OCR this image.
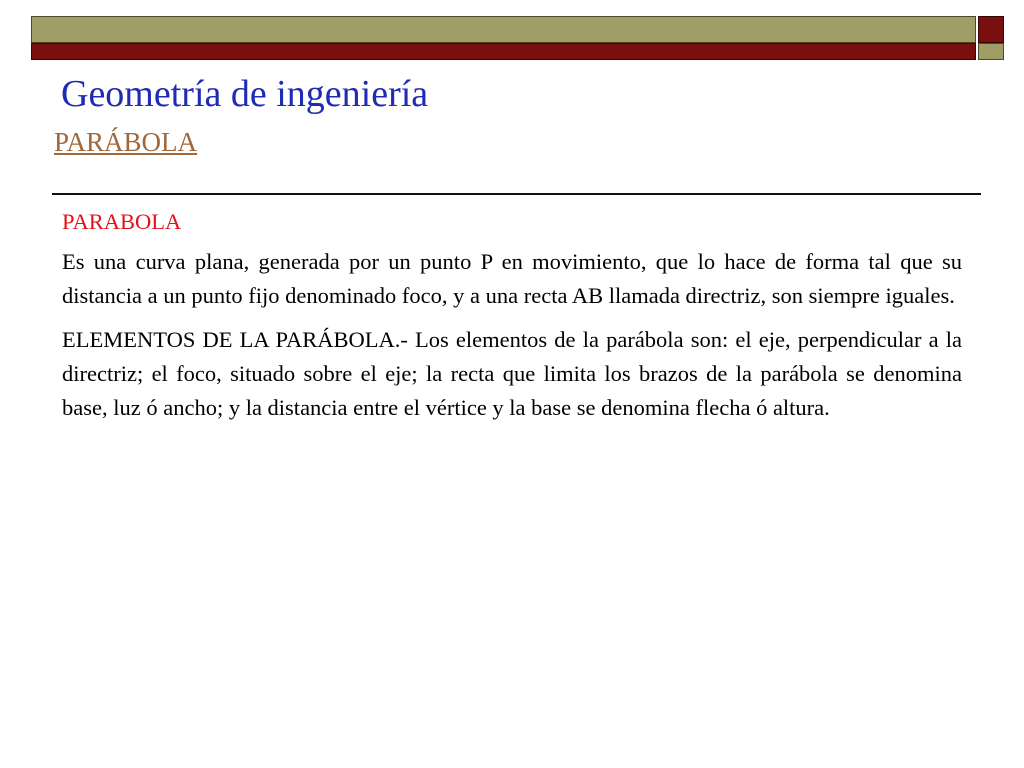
Geometría de ingeniería
PARÁBOLA

PARABOLA

Es una curva plana, generada por un punto P en movimiento, que lo hace de forma tal que su distancia a un punto fijo denominado foco, y a una recta AB llamada directriz, son siempre iguales.

ELEMENTOS DE LA PARÁBOLA.- Los elementos de la parábola son: el eje, perpendicular a la directriz; el foco, situado sobre el eje; la recta que limita los brazos de la parábola se denomina base, luz ó ancho; y la distancia entre el vértice y la base se denomina flecha ó altura.
